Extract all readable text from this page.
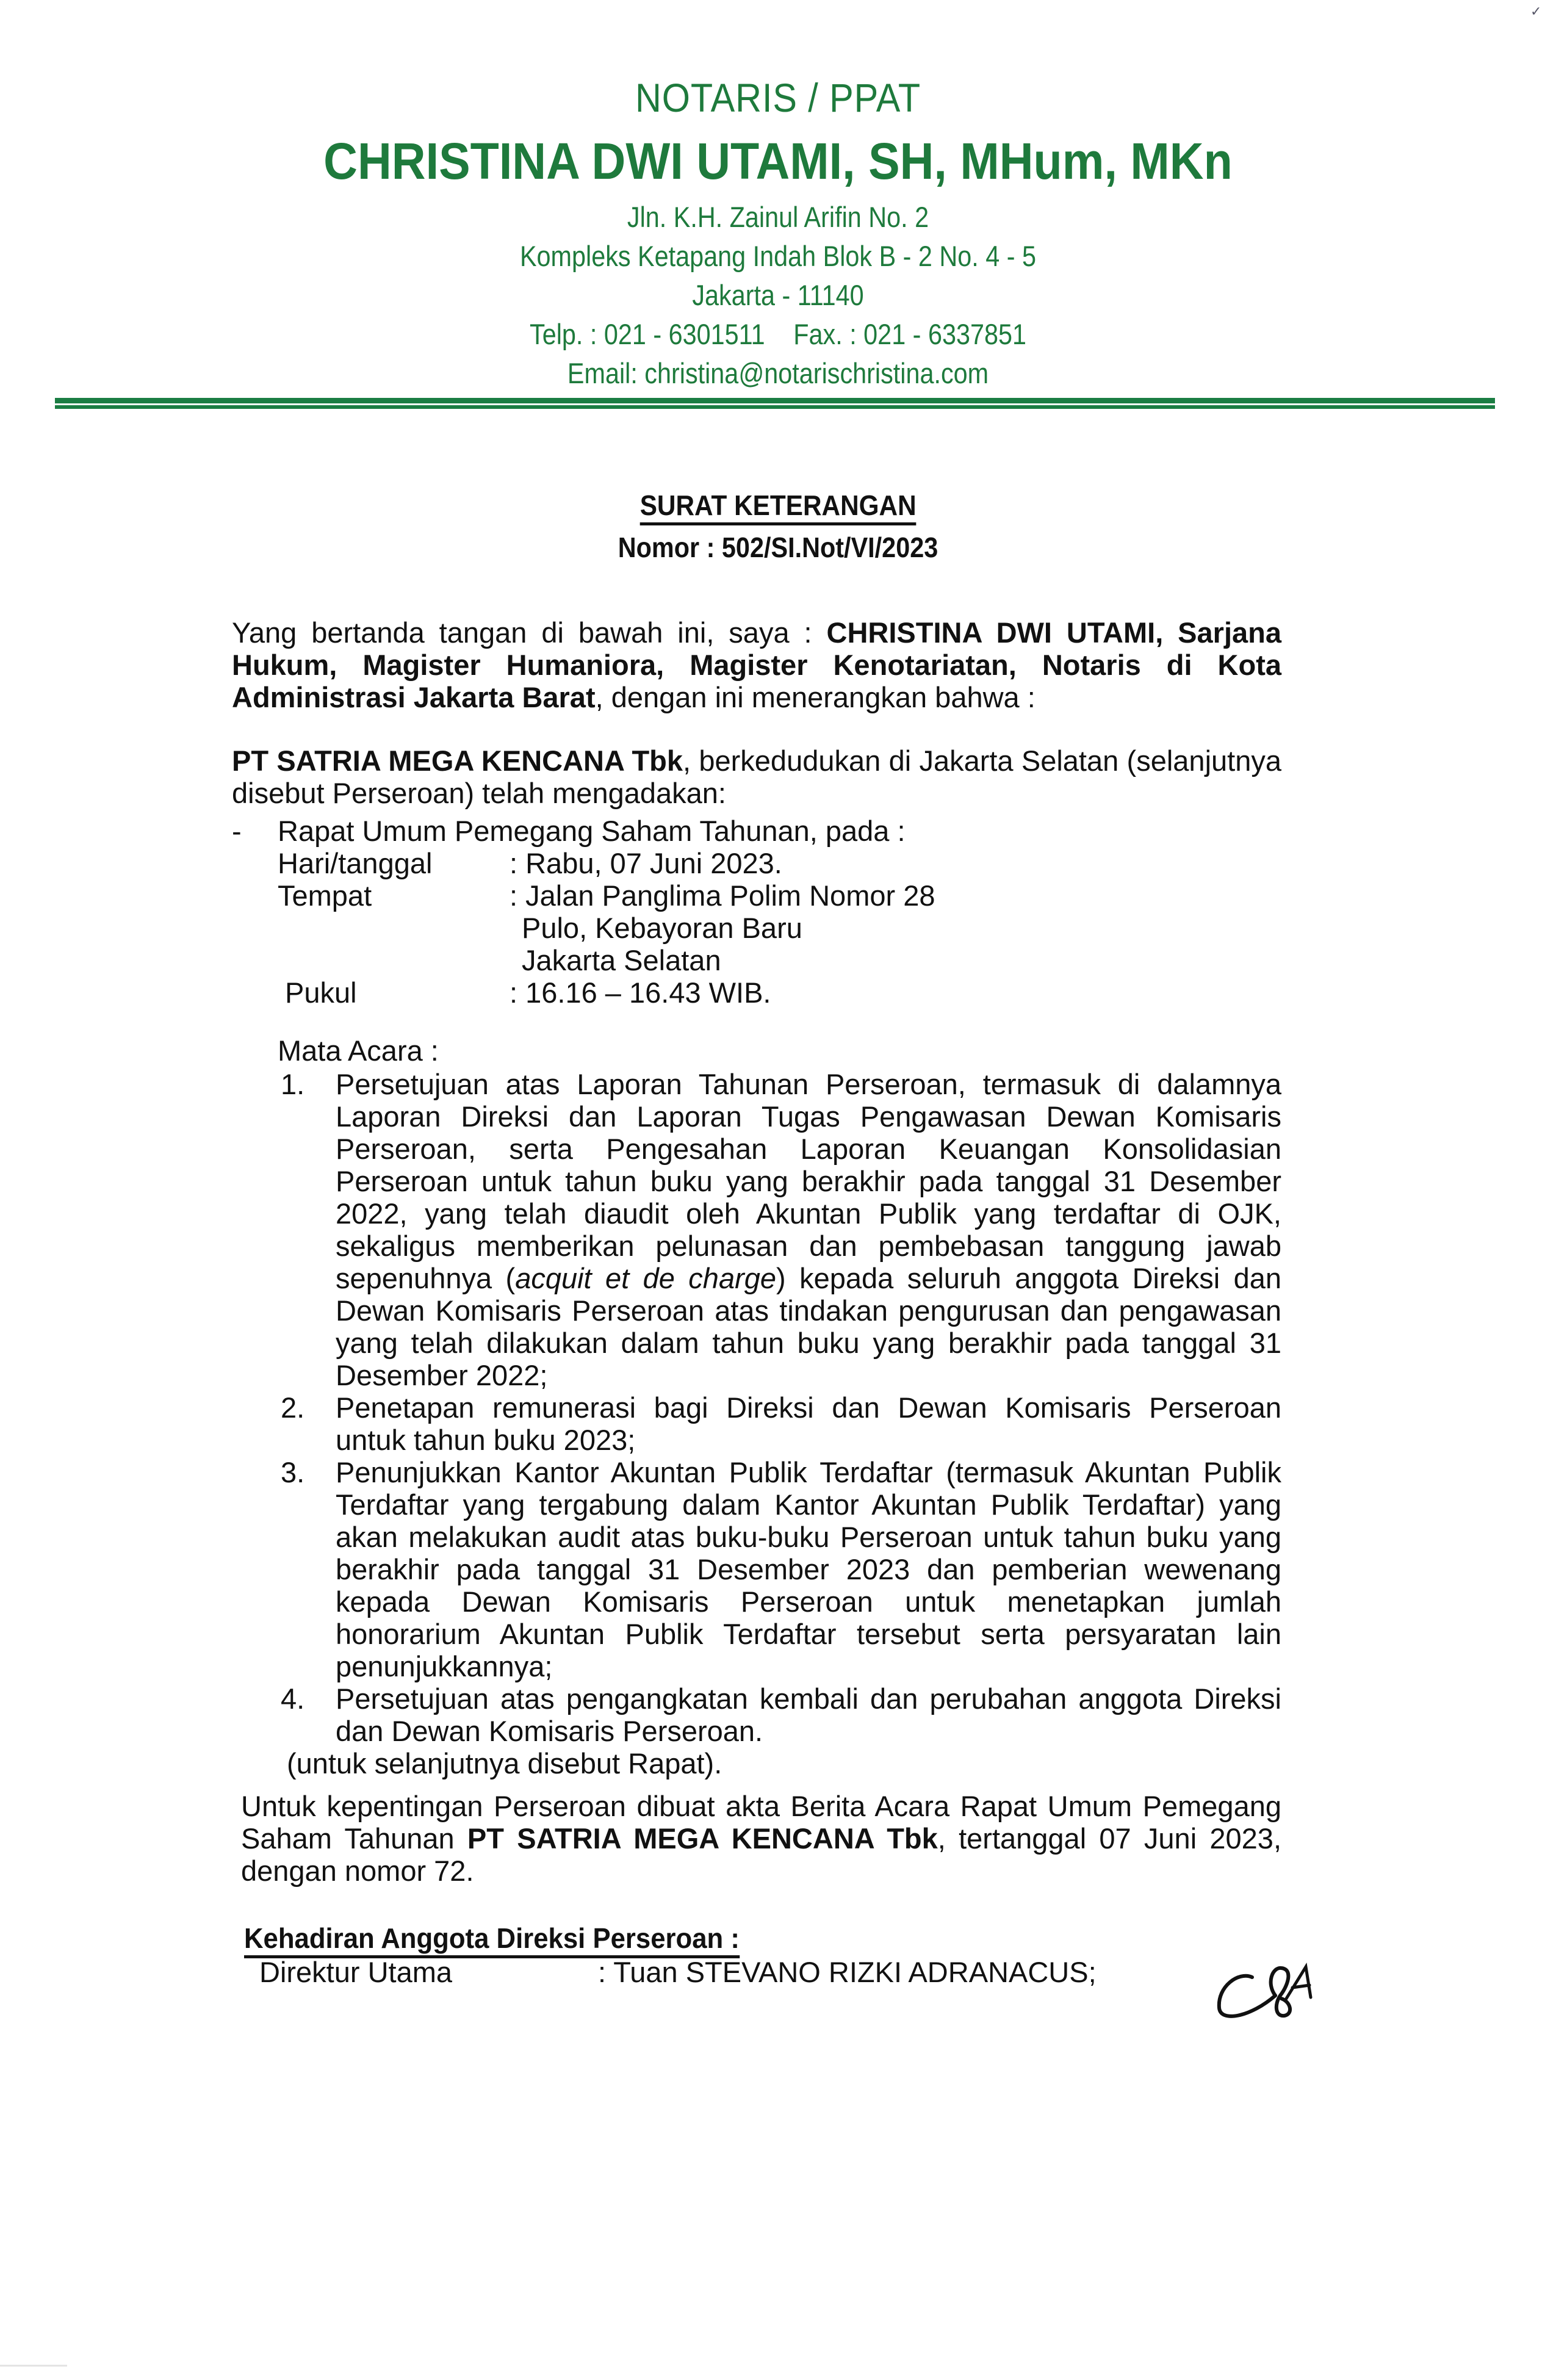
✓
NOTARIS / PPAT
CHRISTINA DWI UTAMI, SH, MHum, MKn
Jln. K.H. Zainul Arifin No. 2
Kompleks Ketapang Indah Blok B - 2 No. 4 - 5
Jakarta - 11140
Telp. : 021 - 6301511 Fax. : 021 - 6337851
Email: christina@notarischristina.com
SURAT KETERANGAN
Nomor : 502/SI.Not/VI/2023

Yang bertanda tangan di bawah ini, saya : CHRISTINA DWI UTAMI, Sarjana Hukum, Magister Humaniora, Magister Kenotariatan, Notaris di Kota Administrasi Jakarta Barat, dengan ini menerangkan bahwa :

PT SATRIA MEGA KENCANA Tbk, berkedudukan di Jakarta Selatan (selanjutnya disebut Perseroan) telah mengadakan:

- Rapat Umum Pemegang Saham Tahunan, pada :
Hari/tanggal	: Rabu, 07 Juni 2023.
Tempat	: Jalan Panglima Polim Nomor 28
Pulo, Kebayoran Baru
Jakarta Selatan
Pukul	: 16.16 – 16.43 WIB.
Mata Acara :
1. Persetujuan atas Laporan Tahunan Perseroan, termasuk di dalamnya Laporan Direksi dan Laporan Tugas Pengawasan Dewan Komisaris Perseroan, serta Pengesahan Laporan Keuangan Konsolidasian Perseroan untuk tahun buku yang berakhir pada tanggal 31 Desember 2022, yang telah diaudit oleh Akuntan Publik yang terdaftar di OJK, sekaligus memberikan pelunasan dan pembebasan tanggung jawab sepenuhnya (acquit et de charge) kepada seluruh anggota Direksi dan Dewan Komisaris Perseroan atas tindakan pengurusan dan pengawasan yang telah dilakukan dalam tahun buku yang berakhir pada tanggal 31 Desember 2022;
2. Penetapan remunerasi bagi Direksi dan Dewan Komisaris Perseroan untuk tahun buku 2023;
3. Penunjukkan Kantor Akuntan Publik Terdaftar (termasuk Akuntan Publik Terdaftar yang tergabung dalam Kantor Akuntan Publik Terdaftar) yang akan melakukan audit atas buku-buku Perseroan untuk tahun buku yang berakhir pada tanggal 31 Desember 2023 dan pemberian wewenang kepada Dewan Komisaris Perseroan untuk menetapkan jumlah honorarium Akuntan Publik Terdaftar tersebut serta persyaratan lain penunjukkannya;
4. Persetujuan atas pengangkatan kembali dan perubahan anggota Direksi dan Dewan Komisaris Perseroan.
(untuk selanjutnya disebut Rapat).

Untuk kepentingan Perseroan dibuat akta Berita Acara Rapat Umum Pemegang Saham Tahunan PT SATRIA MEGA KENCANA Tbk, tertanggal 07 Juni 2023, dengan nomor 72.

Kehadiran Anggota Direksi Perseroan :
Direktur Utama	: Tuan STEVANO RIZKI ADRANACUS;
